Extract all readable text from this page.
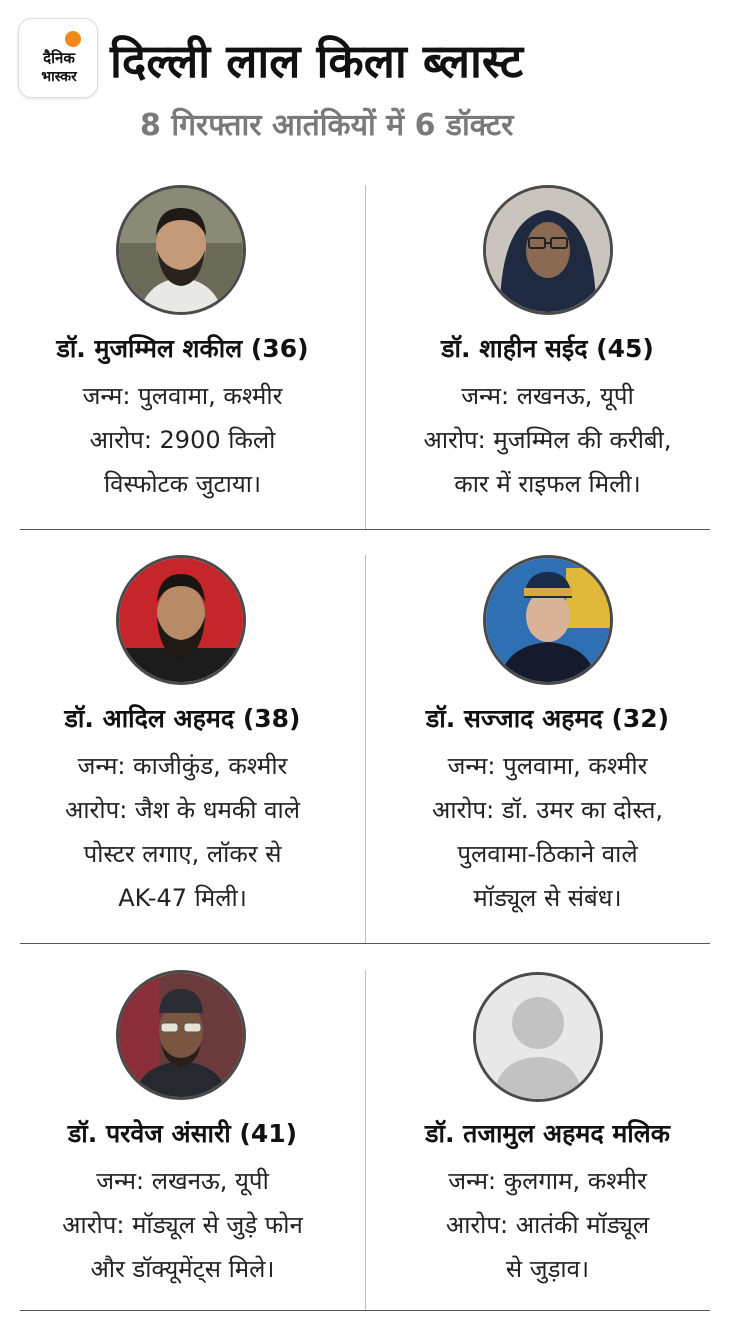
दैनिक
भास्कर दिल्ली लाल किला ब्लास्ट
8 गिरफ्तार आतंकियों में 6 डॉक्टर
डॉ. मुजम्मिल शकील (36)
जन्म: पुलवामा, कश्मीर
आरोप: 2900 किलो
विस्फोटक जुटाया।
डॉ. शाहीन सईद (45)
जन्म: लखनऊ, यूपी
आरोप: मुजम्मिल की करीबी,
कार में राइफल मिली।
डॉ. आदिल अहमद (38)
जन्म: काजीकुंड, कश्मीर
आरोप: जैश के धमकी वाले
पोस्टर लगाए, लॉकर से
AK-47 मिली।
डॉ. सज्जाद अहमद (32)
जन्म: पुलवामा, कश्मीर
आरोप: डॉ. उमर का दोस्त,
पुलवामा-ठिकाने वाले
मॉड्यूल से संबंध।
डॉ. परवेज अंसारी (41)
जन्म: लखनऊ, यूपी
आरोप: मॉड्यूल से जुड़े फोन
और डॉक्यूमेंट्स मिले।
डॉ. तजामुल अहमद मलिक
जन्म: कुलगाम, कश्मीर
आरोप: आतंकी मॉड्यूल
से जुड़ाव।
